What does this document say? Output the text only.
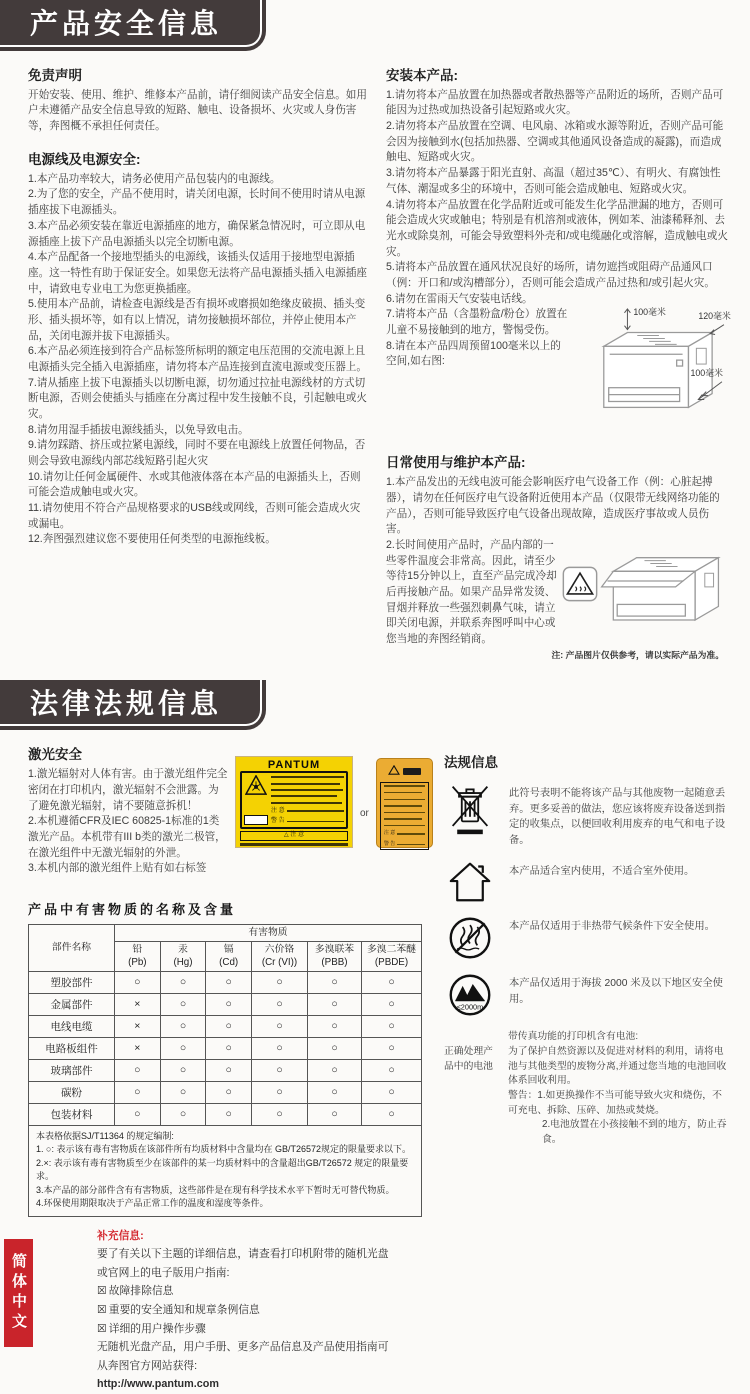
产品安全信息
免责声明

开始安装、使用、维护、维修本产品前，请仔细阅读产品安全信息。如用户未遵循产品安全信息导致的短路、触电、设备损坏、火灾或人身伤害等，奔图概不承担任何责任。

电源线及电源安全:

1.本产品功率较大，请务必使用产品包装内的电源线。

2.为了您的安全，产品不使用时，请关闭电源，长时间不使用时请从电源插座拔下电源插头。

3.本产品必须安装在靠近电源插座的地方，确保紧急情况时，可立即从电源插座上拔下产品电源插头以完全切断电源。

4.本产品配备一个接地型插头的电源线，该插头仅适用于接地型电源插座。这一特性有助于保证安全。如果您无法将产品电源插头插入电源插座中，请致电专业电工为您更换插座。

5.使用本产品前，请检查电源线是否有损坏或磨损如绝缘皮破损、插头变形、插头损坏等，如有以上情况，请勿接触损坏部位，并停止使用本产品，关闭电源并拔下电源插头。

6.本产品必须连接到符合产品标签所标明的额定电压范围的交流电源上且电源插头完全插入电源插座，请勿将本产品连接到直流电源或变压器上。

7.请从插座上拔下电源插头以切断电源，切勿通过拉扯电源线材的方式切断电源，否则会使插头与插座在分离过程中发生接触不良，引起触电或火灾。

8.请勿用湿手插拔电源线插头，以免导致电击。

9.请勿踩踏、挤压或拉紧电源线，同时不要在电源线上放置任何物品，否则会导致电源线内部芯线短路引起火灾

10.请勿让任何金属硬件、水或其他液体落在本产品的电源插头上，否则可能会造成触电或火灾。

11.请勿使用不符合产品规格要求的USB线或网线，否则可能会造成火灾或漏电。

12.奔图强烈建议您不要使用任何类型的电源拖线板。

安装本产品:

1.请勿将本产品放置在加热器或者散热器等产品附近的场所，否则产品可能因为过热或加热设备引起短路或火灾。

2.请勿将本产品放置在空调、电风扇、冰箱或水源等附近，否则产品可能会因为接触到水(包括加热器、空调或其他通风设备造成的凝露)，而造成触电、短路或火灾。

3.请勿将本产品暴露于阳光直射、高温（超过35℃）、有明火、有腐蚀性气体、潮湿或多尘的环境中，否则可能会造成触电、短路或火灾。

4.请勿将本产品放置在化学品附近或可能发生化学品泄漏的地方，否则可能会造成火灾或触电；特别是有机溶剂或液体，例如苯、油漆稀释剂、去光水或除臭剂，可能会导致塑料外壳和/或电缆融化或溶解，造成触电或火灾。

5.请将本产品放置在通风状况良好的场所，请勿遮挡或阻碍产品通风口（例：开口和/或沟槽部分），否则可能会造成产品过热和/或引起火灾。

6.请勿在雷雨天气安装电话线。

100毫米	120毫米
100毫米

7.请将本产品（含墨粉盒/粉仓）放置在儿童不易接触到的地方，警惕受伤。

8.请在本产品四周预留100毫米以上的空间,如右图:

日常使用与维护本产品:

1.本产品发出的无线电波可能会影响医疗电气设备工作（例：心脏起搏器），请勿在任何医疗电气设备附近使用本产品（仅限带无线网络功能的产品），否则可能导致医疗电气设备出现故障，造成医疗事故或人员伤害。

2.长时间使用产品时，产品内部的一些零件温度会非常高。因此，请至少等待15分钟以上，直至产品完成冷却后再接触产品。如果产品异常发烫、冒烟并释放一些强烈刺鼻气味，请立即关闭电源，并联系奔图呼叫中心或您当地的奔图经销商。

注: 产品图片仅供参考，请以实际产品为准。

法律法规信息
激光安全

1.激光辐射对人体有害。由于激光组件完全密闭在打印机内，激光辐射不会泄露。为了避免激光辐射，请不要随意拆机！

2.本机遵循CFR及IEC 60825-1标准的1类激光产品。本机带有III b类的激光二极管，在激光组件中无激光辐射的外泄。

3.本机内部的激光组件上贴有如右标签

PANTUM
注 意
警 告
△ 注 意
or
注 意
警 告
产品中有害物质的名称及含量
部件名称	有害物质					

铅
(Pb)

汞
(Hg)

镉
(Cd)

六价铬
(Cr (VI))

多溴联苯
(PBB)

多溴二苯醚
(PBDE)

塑胶部件	○	○	○	○	○	○
金属部件	×	○	○	○	○	○
电线电缆	×	○	○	○	○	○
电路板组件	×	○	○	○	○	○
玻璃部件	○	○	○	○	○	○
碳粉	○	○	○	○	○	○
包装材料	○	○	○	○	○	○

本表格依据SJ/T11364 的规定编制:
1. ○: 表示该有毒有害物质在该部件所有均质材料中含量均在 GB/T26572规定的限量要求以下。
2.×: 表示该有毒有害物质至少在该部件的某一均质材料中的含量超出GB/T26572 规定的限量要求。
3.本产品的部分部件含有有害物质，这些部件是在现有科学技术水平下暂时无可替代物质。
4.环保使用期限取决于产品正常工作的温度和湿度等条件。						
法规信息
此符号表明不能将该产品与其他废物一起随意丢弃。更多妥善的做法，您应该将废弃设备送到指定的收集点，以便回收利用废弃的电气和电子设备。
本产品适合室内使用，不适合室外使用。
本产品仅适用于非热带气候条件下安全使用。
≤2000m
本产品仅适用于海拔 2000 米及以下地区安全使用。
正确处理产品中的电池

带传真功能的打印机含有电池:

为了保护自然资源以及促进对材料的利用，请将电池与其他类型的废物分离,并通过您当地的电池回收体系回收利用。

警告：1.如更换操作不当可能导致火灾和烧伤，不可充电、拆除、压碎、加热或焚烧。

2.电池放置在小孩接触不到的地方，防止吞食。

简体中文

补充信息:

要了有关以下主题的详细信息，请查看打印机附带的随机光盘或官网上的电子版用户指南:

☒ 故障排除信息

☒ 重要的安全通知和规章条例信息

☒ 详细的用户操作步骤

无随机光盘产品，用户手册、更多产品信息及产品使用指南可从奔图官方网站获得:

http://www.pantum.com
